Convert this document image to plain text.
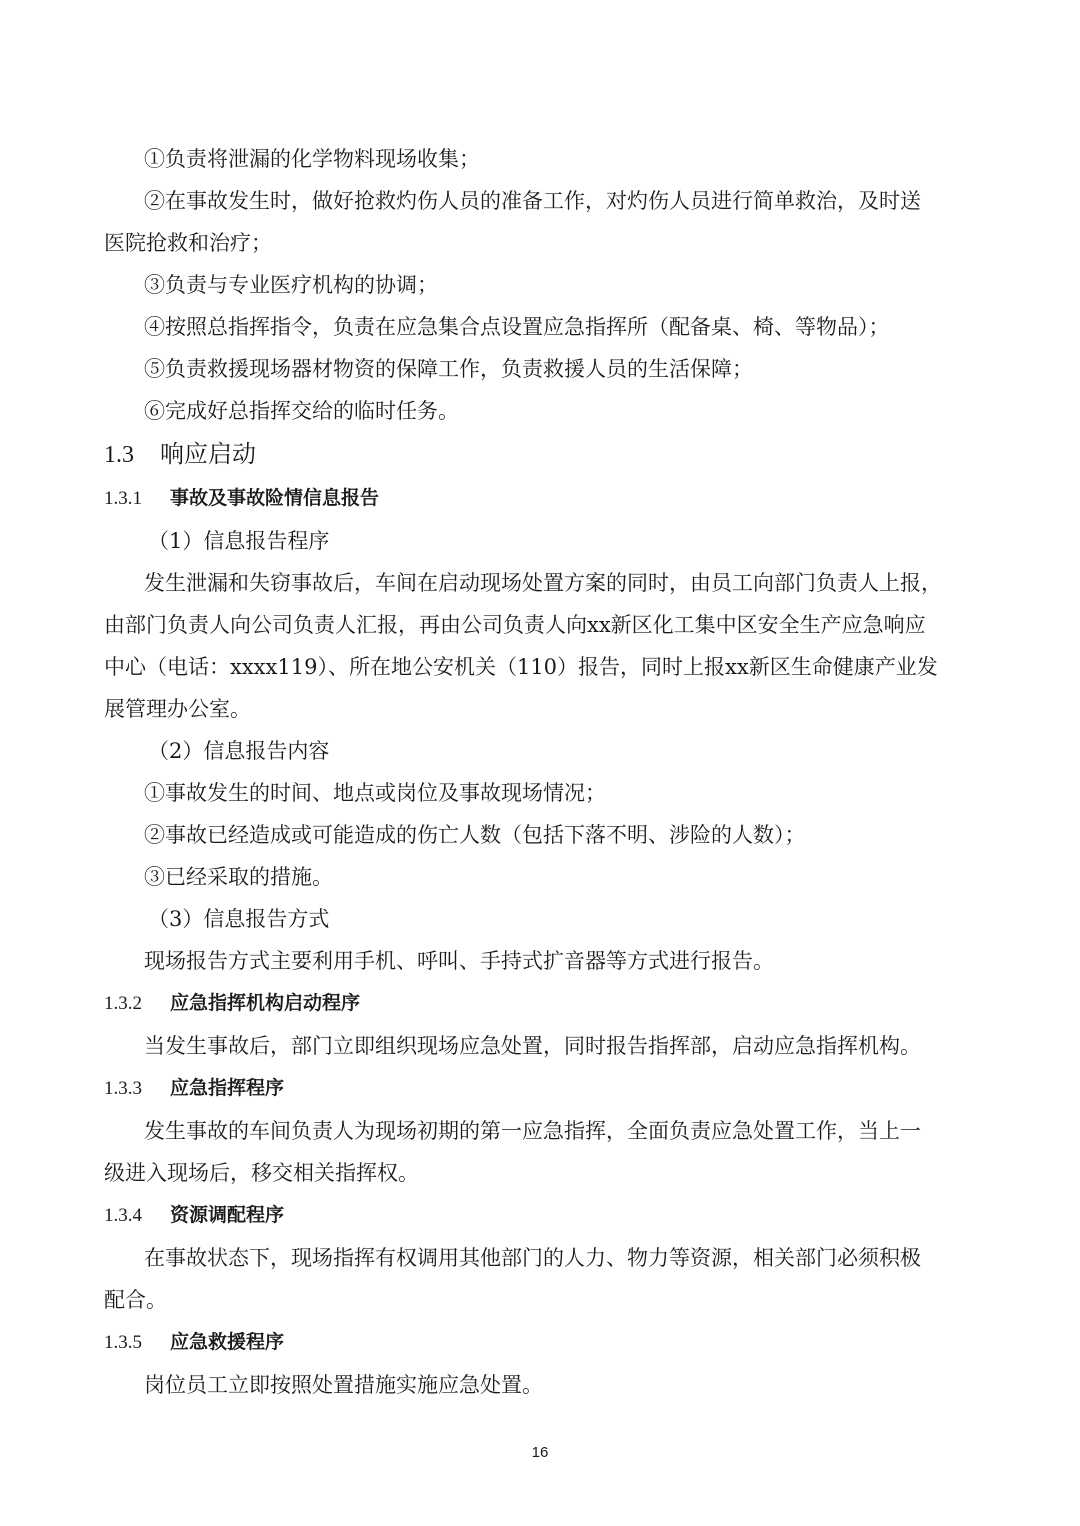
①负责将泄漏的化学物料现场收集；

②在事故发生时，做好抢救灼伤人员的准备工作，对灼伤人员进行简单救治，及时送

医院抢救和治疗；

③负责与专业医疗机构的协调；

④按照总指挥指令，负责在应急集合点设置应急指挥所（配备桌、椅、等物品）；

⑤负责救援现场器材物资的保障工作，负责救援人员的生活保障；

⑥完成好总指挥交给的临时任务。

1.3 响应启动
1.3.1 事故及事故险情信息报告

（1）信息报告程序

发生泄漏和失窃事故后，车间在启动现场处置方案的同时，由员工向部门负责人上报，

由部门负责人向公司负责人汇报，再由公司负责人向xx新区化工集中区安全生产应急响应

中心（电话：xxxx119）、所在地公安机关（110）报告，同时上报xx新区生命健康产业发

展管理办公室。

（2）信息报告内容

①事故发生的时间、地点或岗位及事故现场情况；

②事故已经造成或可能造成的伤亡人数（包括下落不明、涉险的人数）；

③已经采取的措施。

（3）信息报告方式

现场报告方式主要利用手机、呼叫、手持式扩音器等方式进行报告。

1.3.2 应急指挥机构启动程序

当发生事故后，部门立即组织现场应急处置，同时报告指挥部，启动应急指挥机构。

1.3.3 应急指挥程序

发生事故的车间负责人为现场初期的第一应急指挥，全面负责应急处置工作，当上一

级进入现场后，移交相关指挥权。

1.3.4 资源调配程序

在事故状态下，现场指挥有权调用其他部门的人力、物力等资源，相关部门必须积极

配合。

1.3.5 应急救援程序

岗位员工立即按照处置措施实施应急处置。

16
